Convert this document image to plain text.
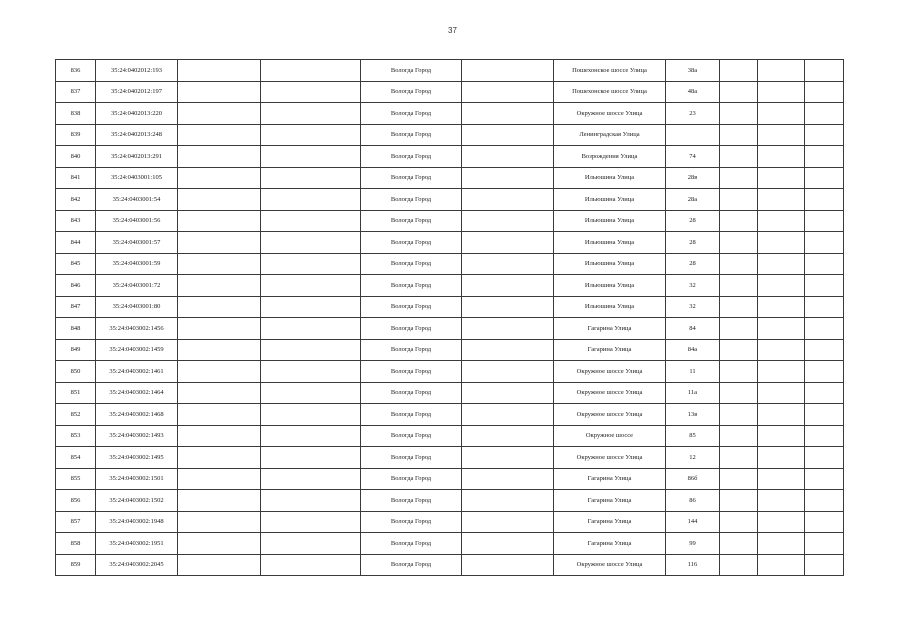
37
836	35:24:0402012:193			Вологда Город		Пошехонское шоссе Улица	38а			
837	35:24:0402012:197			Вологда Город		Пошехонское шоссе Улица	48а			
838	35:24:0402013:220			Вологда Город		Окружное шоссе Улица	23			
839	35:24:0402013:248			Вологда Город		Ленинградская Улица				
840	35:24:0402013:291			Вологда Город		Возрождения Улица	74			
841	35:24:0403001:105			Вологда Город		Ильюшина Улица	28в			
842	35:24:0403001:54			Вологда Город		Ильюшина Улица	28а			
843	35:24:0403001:56			Вологда Город		Ильюшина Улица	28			
844	35:24:0403001:57			Вологда Город		Ильюшина Улица	28			
845	35:24:0403001:59			Вологда Город		Ильюшина Улица	28			
846	35:24:0403001:72			Вологда Город		Ильюшина Улица	32			
847	35:24:0403001:80			Вологда Город		Ильюшина Улица	32			
848	35:24:0403002:1456			Вологда Город		Гагарина Улица	84			
849	35:24:0403002:1459			Вологда Город		Гагарина Улица	84а			
850	35:24:0403002:1461			Вологда Город		Окружное шоссе Улица	11			
851	35:24:0403002:1464			Вологда Город		Окружное шоссе Улица	11а			
852	35:24:0403002:1468			Вологда Город		Окружное шоссе Улица	13в			
853	35:24:0403002:1493			Вологда Город		Окружное шоссе	85			
854	35:24:0403002:1495			Вологда Город		Окружное шоссе Улица	12			
855	35:24:0403002:1501			Вологда Город		Гагарина Улица	86б			
856	35:24:0403002:1502			Вологда Город		Гагарина Улица	86			
857	35:24:0403002:1948			Вологда Город		Гагарина Улица	144			
858	35:24:0403002:1951			Вологда Город		Гагарина Улица	99			
859	35:24:0403002:2045			Вологда Город		Окружное шоссе Улица	116			
